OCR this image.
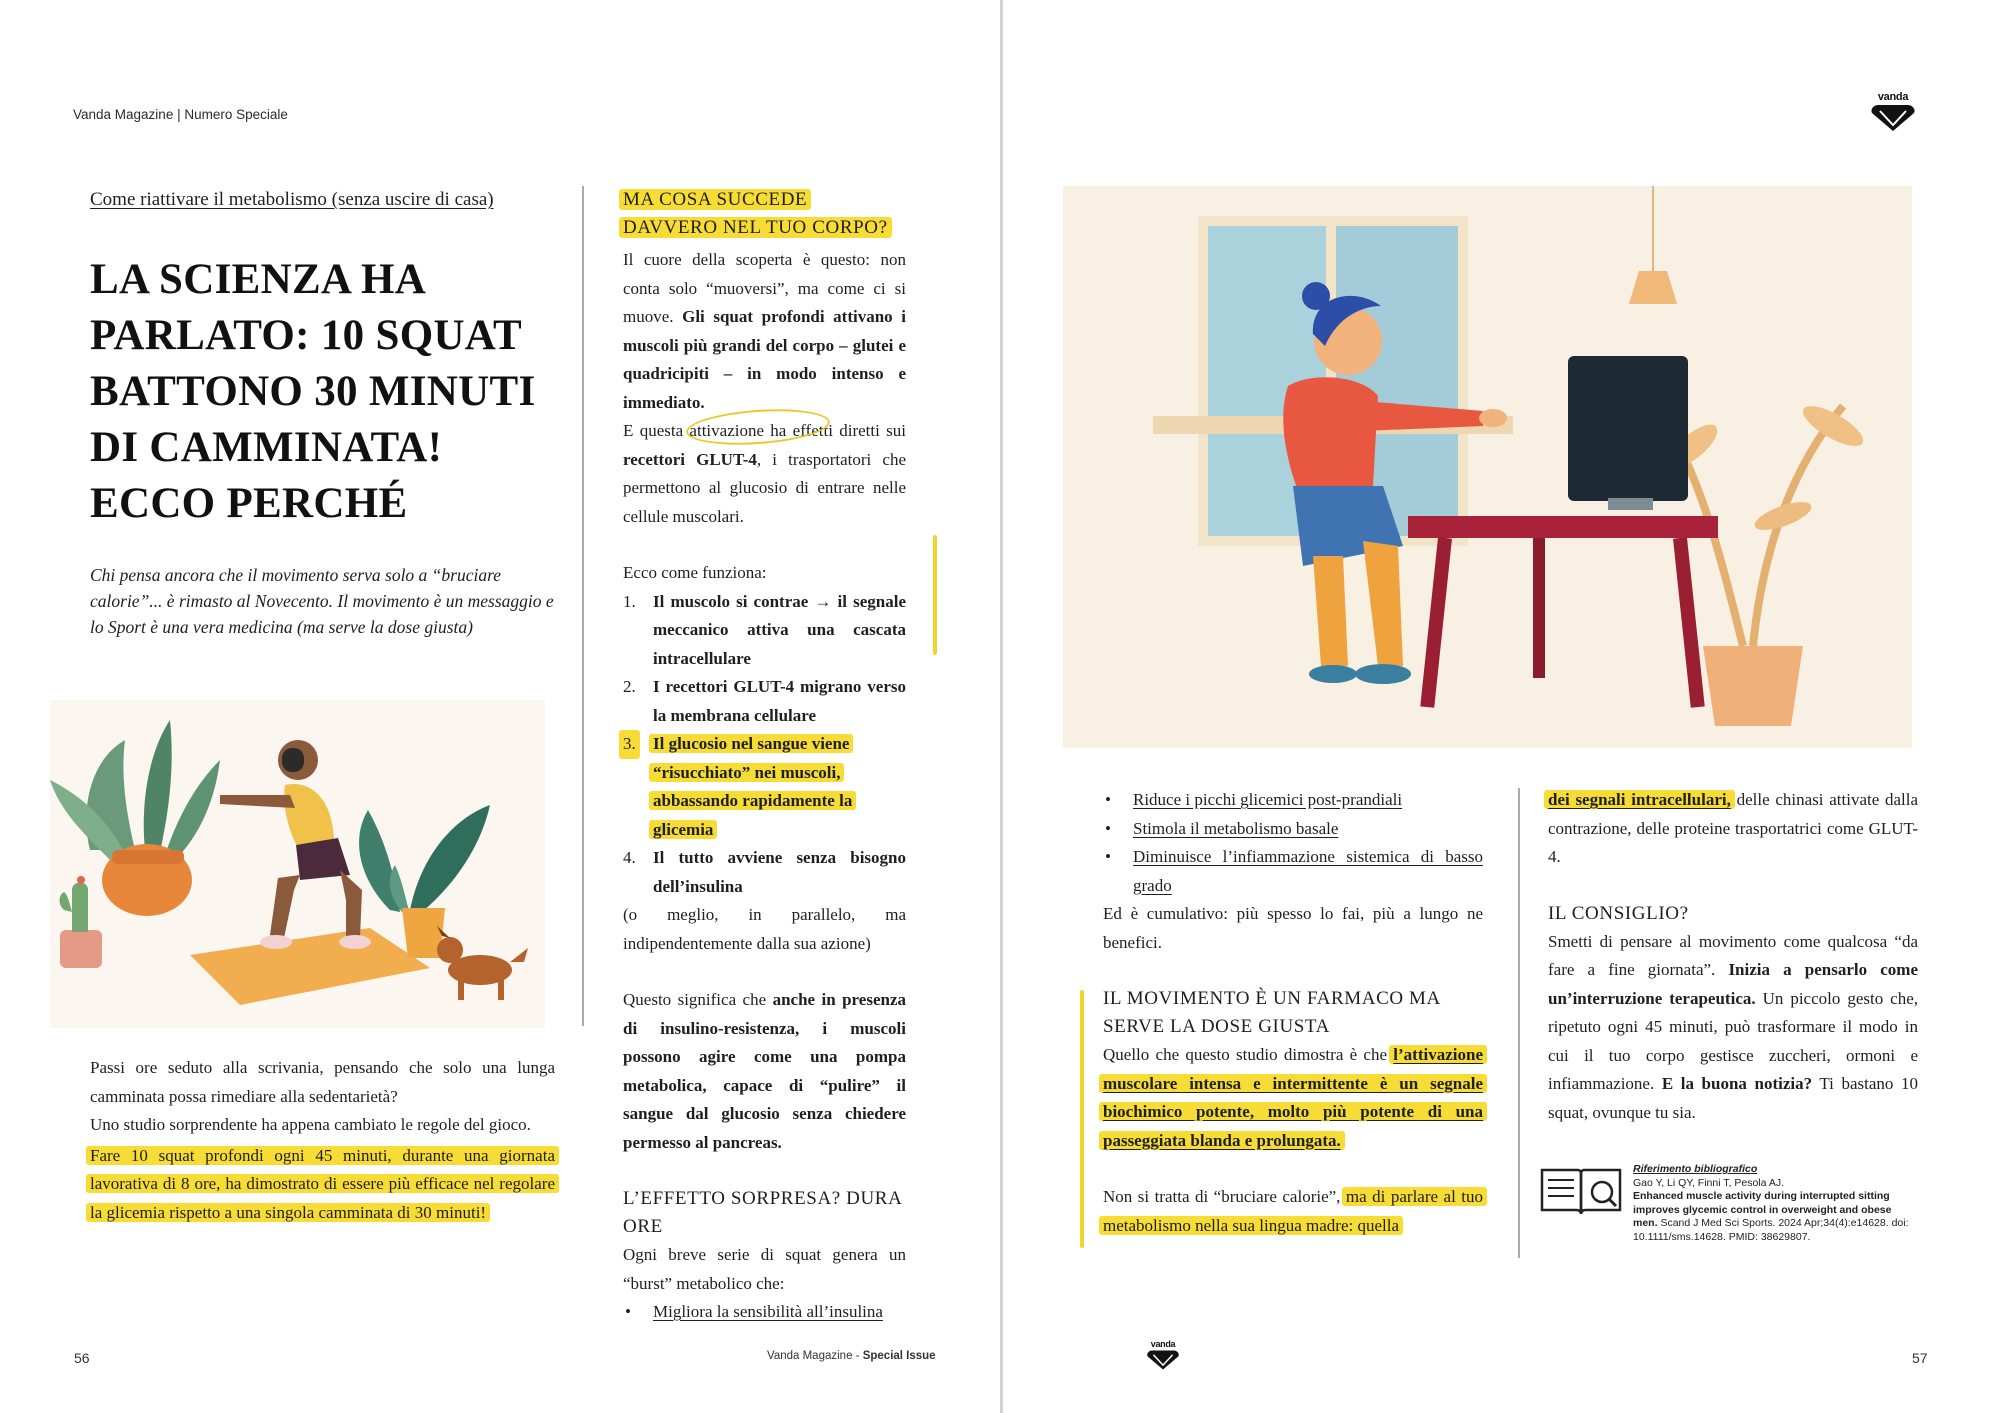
Vanda Magazine | Numero Speciale
Come riattivare il metabolismo (senza uscire di casa)
LA SCIENZA HA PARLATO: 10 SQUAT BATTONO 30 MINUTI DI CAMMINATA! ECCO PERCHÉ

Chi pensa ancora che il movimento serva solo a “bruciare calorie”... è rimasto al Novecento. Il movimento è un messaggio e lo Sport è una vera medicina (ma serve la dose giusta)

Passi ore seduto alla scrivania, pensando che solo una lunga camminata possa rimediare alla sedentarietà?

Uno studio sorprendente ha appena cambiato le regole del gioco.

Fare 10 squat profondi ogni 45 minuti, durante una giornata lavorativa di 8 ore, ha dimostrato di essere più efficace nel regolare la glicemia rispetto a una singola camminata di 30 minuti!

MA COSA SUCCEDE DAVVERO NEL TUO CORPO?

Il cuore della scoperta è questo: non conta solo “muoversi”, ma come ci si muove. Gli squat profondi attivano i muscoli più grandi del corpo – glutei e quadricipiti – in modo intenso e immediato.

E questa attivazione ha effetti diretti sui recettori GLUT-4, i trasportatori che permettono al glucosio di entrare nelle cellule muscolari.

Ecco come funziona:

1. Il muscolo si contrae → il segnale meccanico attiva una cascata intracellulare
2. I recettori GLUT-4 migrano verso la membrana cellulare
3. Il glucosio nel sangue viene “risucchiato” nei muscoli, abbassando rapidamente la glicemia
4. Il tutto avviene senza bisogno dell’insulina

(o meglio, in parallelo, ma indipendentemente dalla sua azione)

Questo significa che anche in presenza di insulino-resistenza, i muscoli possono agire come una pompa metabolica, capace di “pulire” il sangue dal glucosio senza chiedere permesso al pancreas.

L’EFFETTO SORPRESA? DURA ORE

Ogni breve serie di squat genera un “burst” metabolico che:

• Migliora la sensibilità all’insulina
56	Vanda Magazine - Special Issue
vanda
• Riduce i picchi glicemici post-prandiali
• Stimola il metabolismo basale
• Diminuisce l’infiammazione sistemica di basso grado

Ed è cumulativo: più spesso lo fai, più a lungo ne benefici.

IL MOVIMENTO È UN FARMACO MA SERVE LA DOSE GIUSTA

Quello che questo studio dimostra è che l’attivazione muscolare intensa e intermittente è un segnale biochimico potente, molto più potente di una passeggiata blanda e prolungata.

Non si tratta di “bruciare calorie”, ma di parlare al tuo metabolismo nella sua lingua madre: quella

dei segnali intracellulari, delle chinasi attivate dalla contrazione, delle proteine trasportatrici come GLUT-4.

IL CONSIGLIO?

Smetti di pensare al movimento come qualcosa “da fare a fine giornata”. Inizia a pensarlo come un’interruzione terapeutica. Un piccolo gesto che, ripetuto ogni 45 minuti, può trasformare il modo in cui il tuo corpo gestisce zuccheri, ormoni e infiammazione. E la buona notizia? Ti bastano 10 squat, ovunque tu sia.

Riferimento bibliografico
Gao Y, Li QY, Finni T, Pesola AJ.
Enhanced muscle activity during interrupted sitting improves glycemic control in overweight and obese men. Scand J Med Sci Sports. 2024 Apr;34(4):e14628. doi: 10.1111/sms.14628. PMID: 38629807.
vanda
57
